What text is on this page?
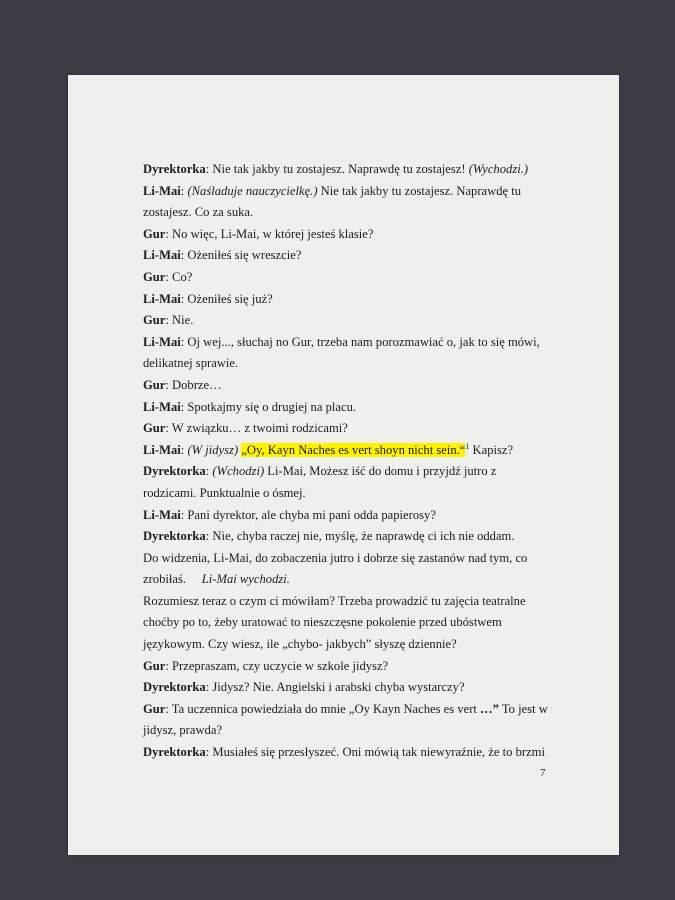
Dyrektorka: Nie tak jakby tu zostajesz. Naprawdę tu zostajesz! (Wychodzi.)
Li-Mai: (Naśladuje nauczycielkę.) Nie tak jakby tu zostajesz. Naprawdę tu
zostajesz. Co za suka.
Gur: No więc, Li-Mai, w której jesteś klasie?
Li-Mai: Ożeniłeś się wreszcie?
Gur: Co?
Li-Mai: Ożeniłeś się już?
Gur: Nie.
Li-Mai: Oj wej..., słuchaj no Gur, trzeba nam porozmawiać o, jak to się mówi,
delikatnej sprawie.
Gur: Dobrze…
Li-Mai: Spotkajmy się o drugiej na placu.
Gur: W związku… z twoimi rodzicami?
Li-Mai: (W jidysz) „Oy, Kayn Naches es vert shoyn nicht sein.“$^1$ Kapisz?
Dyrektorka: (Wchodzi) Li-Mai, Możesz iść do domu i przyjdź jutro z
rodzicami. Punktualnie o ósmej.
Li-Mai: Pani dyrektor, ale chyba mi pani odda papierosy?
Dyrektorka: Nie, chyba raczej nie, myślę, że naprawdę ci ich nie oddam.
Do widzenia, Li-Mai, do zobaczenia jutro i dobrze się zastanów nad tym, co
zrobiłaś.     Li-Mai wychodzi.
Rozumiesz teraz o czym ci mówiłam? Trzeba prowadzić tu zajęcia teatralne
choćby po to, żeby uratować to nieszczęsne pokolenie przed ubóstwem
językowym. Czy wiesz, ile „chybo- jakbych” słyszę dziennie?
Gur: Przepraszam, czy uczycie w szkole jidysz?
Dyrektorka: Jidysz? Nie. Angielski i arabski chyba wystarczy?
Gur: Ta uczennica powiedziała do mnie „Oy Kayn Naches es vert …” To jest w
jidysz, prawda?
Dyrektorka: Musiałeś się przesłyszeć. Oni mówią tak niewyraźnie, że to brzmi
7
